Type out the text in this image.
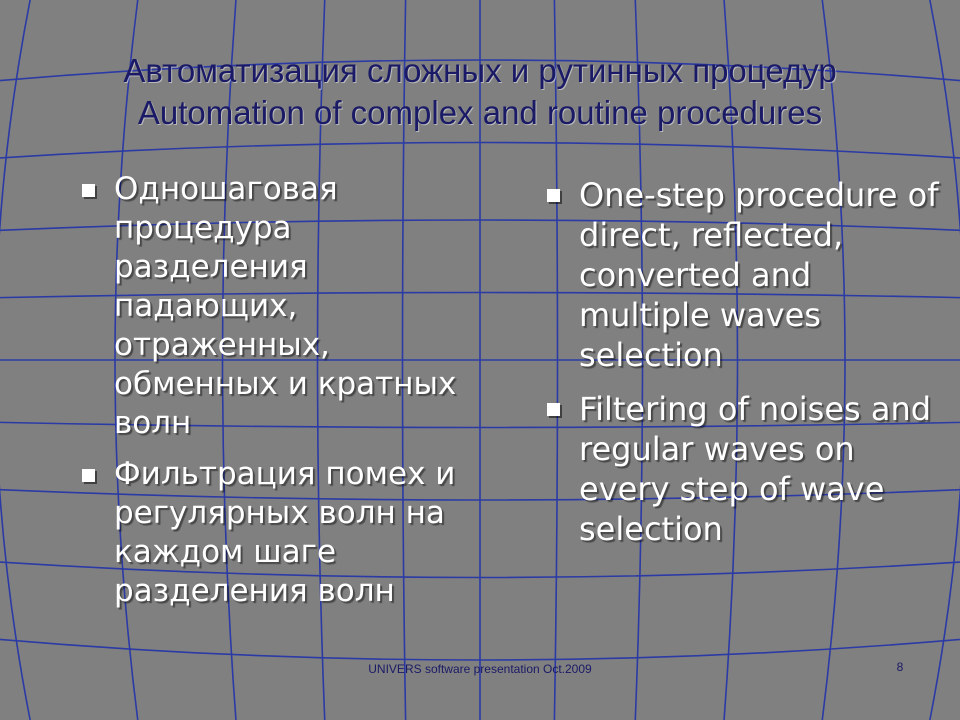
Автоматизация сложных и рутинных процедур
Automation of complex and routine procedures
Одношаговая процедура разделения падающих, отраженных, обменных и кратных волн
Фильтрация помех и регулярных волн на каждом шаге разделения волн
One-step procedure of direct, reflected, converted and multiple waves selection
Filtering of noises and regular waves on every step of wave selection
UNIVERS software presentation Oct.2009	8
